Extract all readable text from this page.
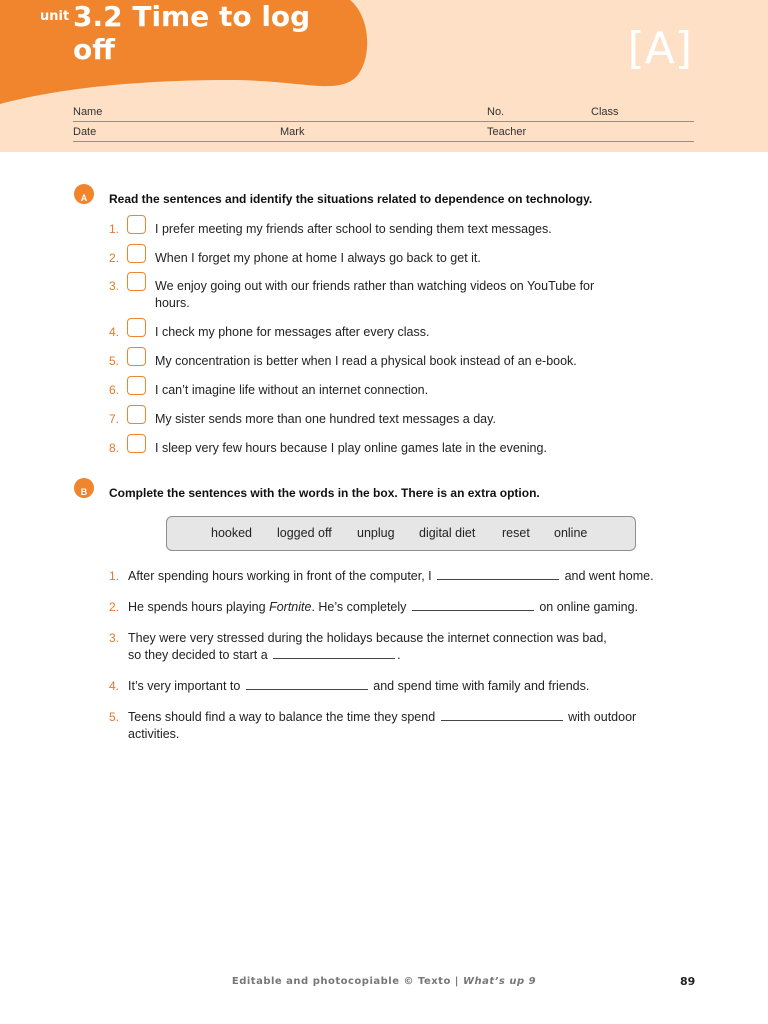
unit 3.2 Time to log off	[A]
Name	No.	Class
Date	Mark	Teacher
A	Read the sentences and identify the situations related to dependence on technology.
1.	I prefer meeting my friends after school to sending them text messages.
2.	When I forget my phone at home I always go back to get it.
3.	We enjoy going out with our friends rather than watching videos on YouTube for
hours.
4.	I check my phone for messages after every class.
5.	My concentration is better when I read a physical book instead of an e-book.
6.	I can’t imagine life without an internet connection.
7.	My sister sends more than one hundred text messages a day.
8.	I sleep very few hours because I play online games late in the evening.
B	Complete the sentences with the words in the box. There is an extra option.
hooked logged off unplug digital diet reset online
1. After spending hours working in front of the computer, I	and went home.
2. He spends hours playing Fortnite. He’s completely	on online gaming.
3. They were very stressed during the holidays because the internet connection was bad,
so they decided to start a	.
4. It’s very important to	and spend time with family and friends.
5. Teens should find a way to balance the time they spend	with outdoor
activities.
Editable and photocopiable © Texto | What’s up 9	89
